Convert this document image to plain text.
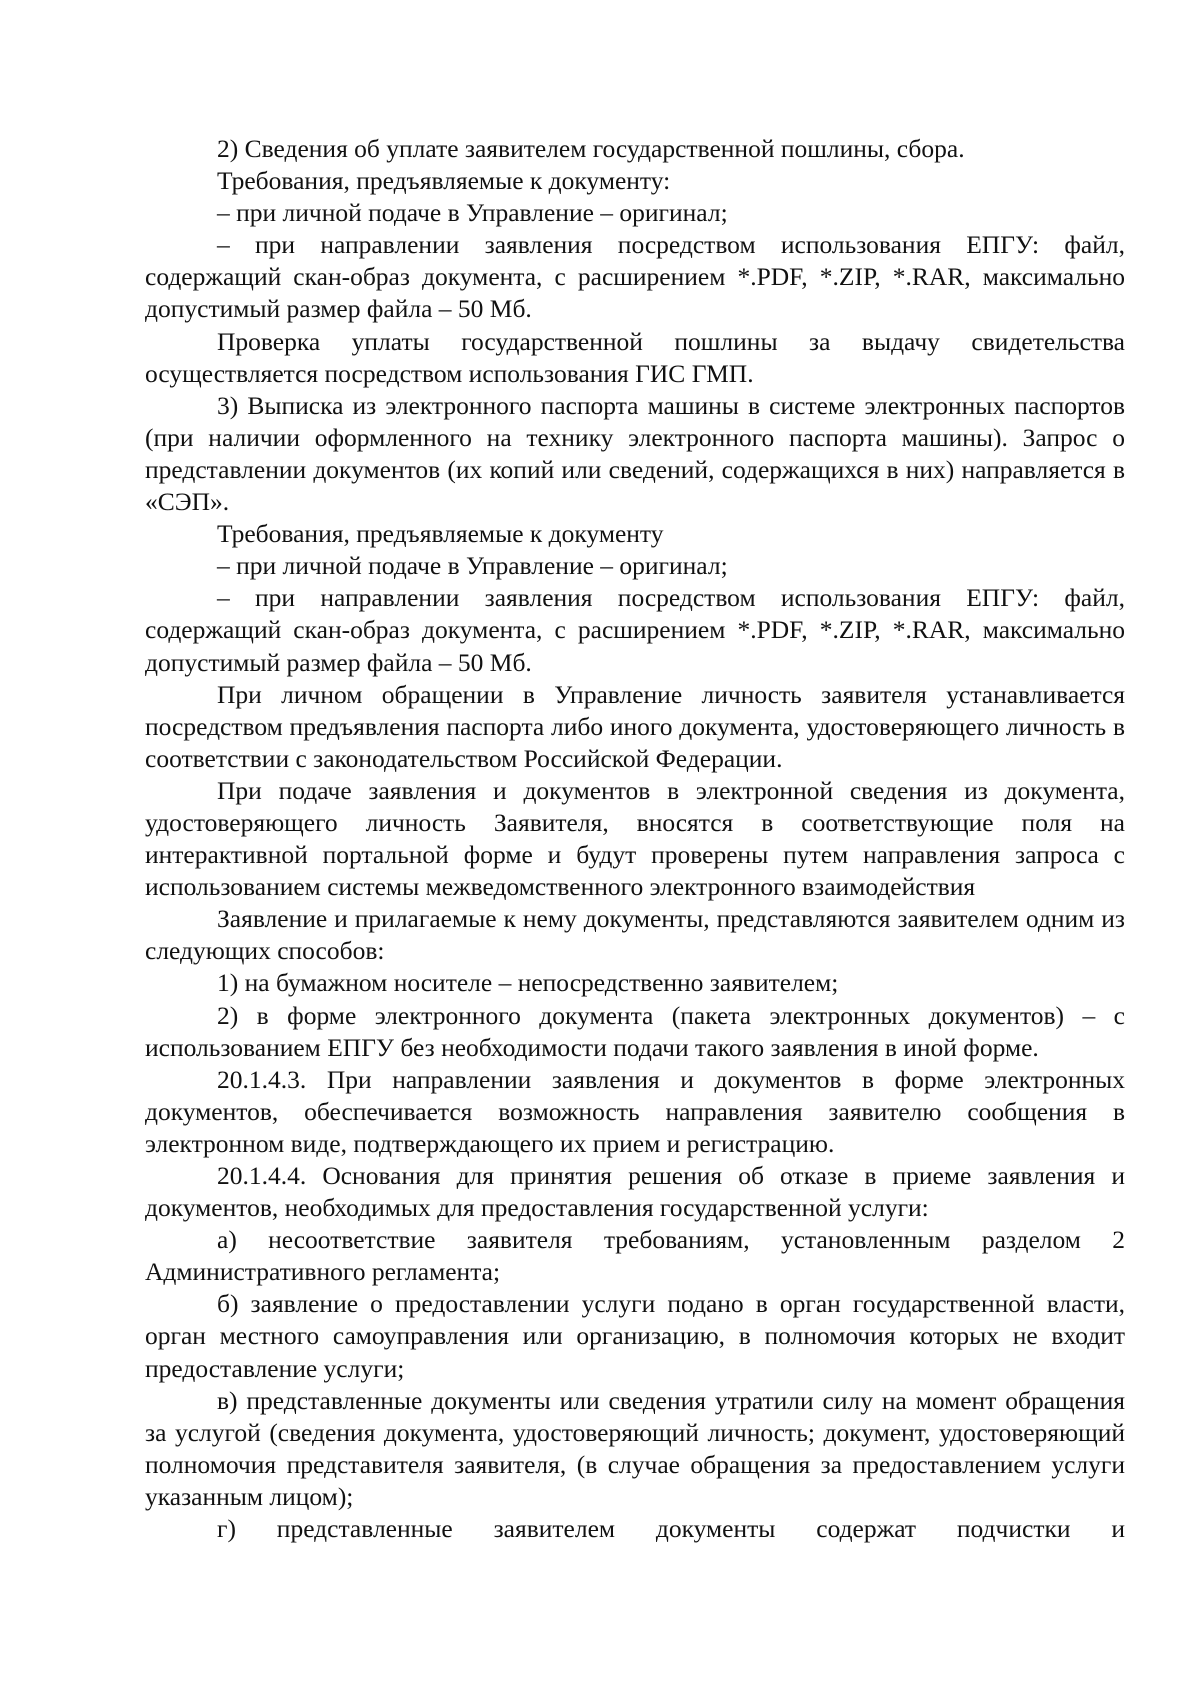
2) Сведения об уплате заявителем государственной пошлины, сбора.

Требования, предъявляемые к документу:

– при личной подаче в Управление – оригинал;

– при направлении заявления посредством использования ЕПГУ: файл, содержащий скан-образ документа, с расширением *.PDF, *.ZIP, *.RAR, максимально допустимый размер файла – 50 Мб.

Проверка уплаты государственной пошлины за выдачу свидетельства осуществляется посредством использования ГИС ГМП.

3) Выписка из электронного паспорта машины в системе электронных паспортов (при наличии оформленного на технику электронного паспорта машины). Запрос о представлении документов (их копий или сведений, содержащихся в них) направляется в «СЭП».

Требования, предъявляемые к документу

– при личной подаче в Управление – оригинал;

– при направлении заявления посредством использования ЕПГУ: файл, содержащий скан-образ документа, с расширением *.PDF, *.ZIP, *.RAR, максимально допустимый размер файла – 50 Мб.

При личном обращении в Управление личность заявителя устанавливается посредством предъявления паспорта либо иного документа, удостоверяющего личность в соответствии с законодательством Российской Федерации.

При подаче заявления и документов в электронной сведения из документа, удостоверяющего личность Заявителя, вносятся в соответствующие поля на интерактивной портальной форме и будут проверены путем направления запроса с использованием системы межведомственного электронного взаимодействия

Заявление и прилагаемые к нему документы, представляются заявителем одним из следующих способов:

1) на бумажном носителе – непосредственно заявителем;

2) в форме электронного документа (пакета электронных документов) – с использованием ЕПГУ без необходимости подачи такого заявления в иной форме.

20.1.4.3. При направлении заявления и документов в форме электронных документов, обеспечивается возможность направления заявителю сообщения в электронном виде, подтверждающего их прием и регистрацию.

20.1.4.4. Основания для принятия решения об отказе в приеме заявления и документов, необходимых для предоставления государственной услуги:

а) несоответствие заявителя требованиям, установленным разделом 2 Административного регламента;

б) заявление о предоставлении услуги подано в орган государственной власти, орган местного самоуправления или организацию, в полномочия которых не входит предоставление услуги;

в) представленные документы или сведения утратили силу на момент обращения за услугой (сведения документа, удостоверяющий личность; документ, удостоверяющий полномочия представителя заявителя, (в случае обращения за предоставлением услуги указанным лицом);

г) представленные заявителем документы содержат подчистки и
